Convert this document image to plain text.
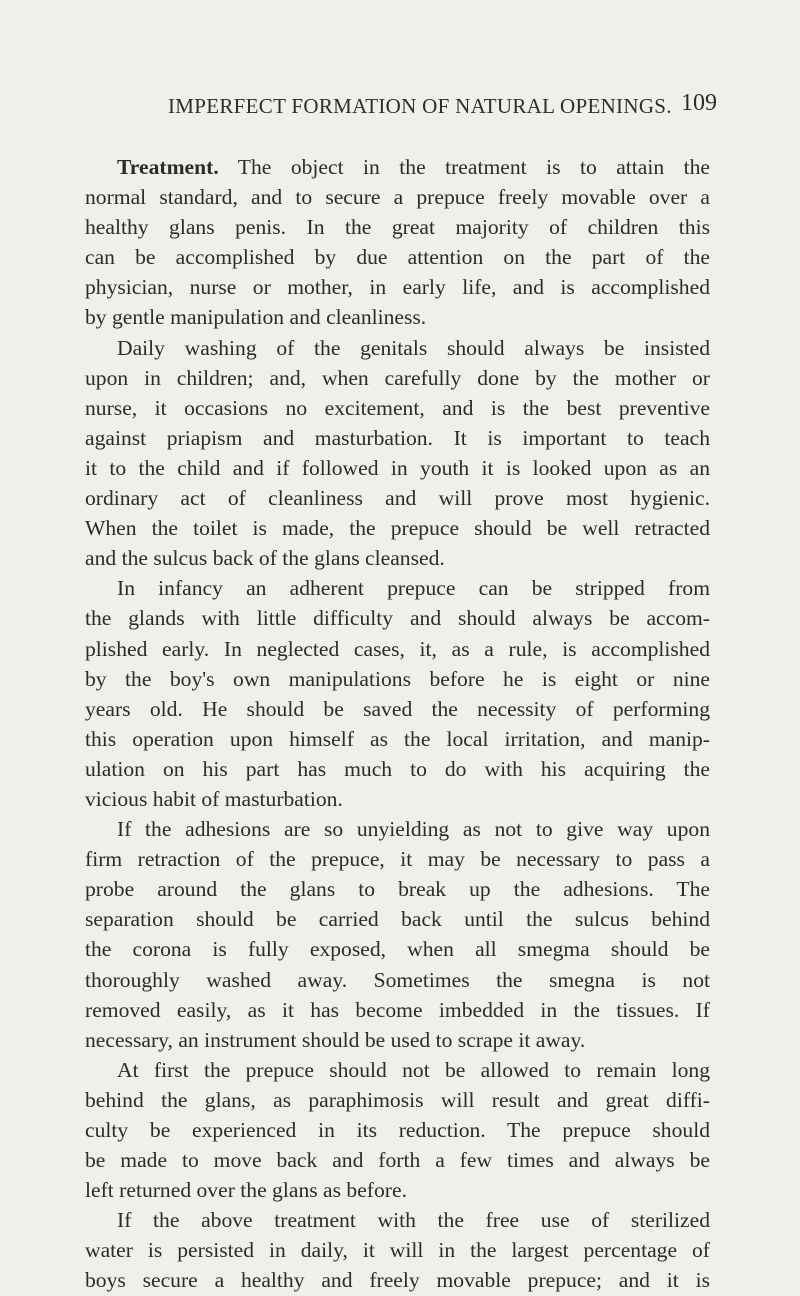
IMPERFECT FORMATION OF NATURAL OPENINGS. 109
Treatment. The object in the treatment is to attain the
normal standard, and to secure a prepuce freely movable over a
healthy glans penis. In the great majority of children this
can be accomplished by due attention on the part of the
physician, nurse or mother, in early life, and is accomplished
by gentle manipulation and cleanliness.
Daily washing of the genitals should always be insisted
upon in children; and, when carefully done by the mother or
nurse, it occasions no excitement, and is the best preventive
against priapism and masturbation. It is important to teach
it to the child and if followed in youth it is looked upon as an
ordinary act of cleanliness and will prove most hygienic.
When the toilet is made, the prepuce should be well retracted
and the sulcus back of the glans cleansed.
In infancy an adherent prepuce can be stripped from
the glands with little difficulty and should always be accom-
plished early. In neglected cases, it, as a rule, is accomplished
by the boy's own manipulations before he is eight or nine
years old. He should be saved the necessity of performing
this operation upon himself as the local irritation, and manip-
ulation on his part has much to do with his acquiring the
vicious habit of masturbation.
If the adhesions are so unyielding as not to give way upon
firm retraction of the prepuce, it may be necessary to pass a
probe around the glans to break up the adhesions. The
separation should be carried back until the sulcus behind
the corona is fully exposed, when all smegma should be
thoroughly washed away. Sometimes the smegna is not
removed easily, as it has become imbedded in the tissues. If
necessary, an instrument should be used to scrape it away.
At first the prepuce should not be allowed to remain long
behind the glans, as paraphimosis will result and great diffi-
culty be experienced in its reduction. The prepuce should
be made to move back and forth a few times and always be
left returned over the glans as before.
If the above treatment with the free use of sterilized
water is persisted in daily, it will in the largest percentage of
boys secure a healthy and freely movable prepuce; and it is
